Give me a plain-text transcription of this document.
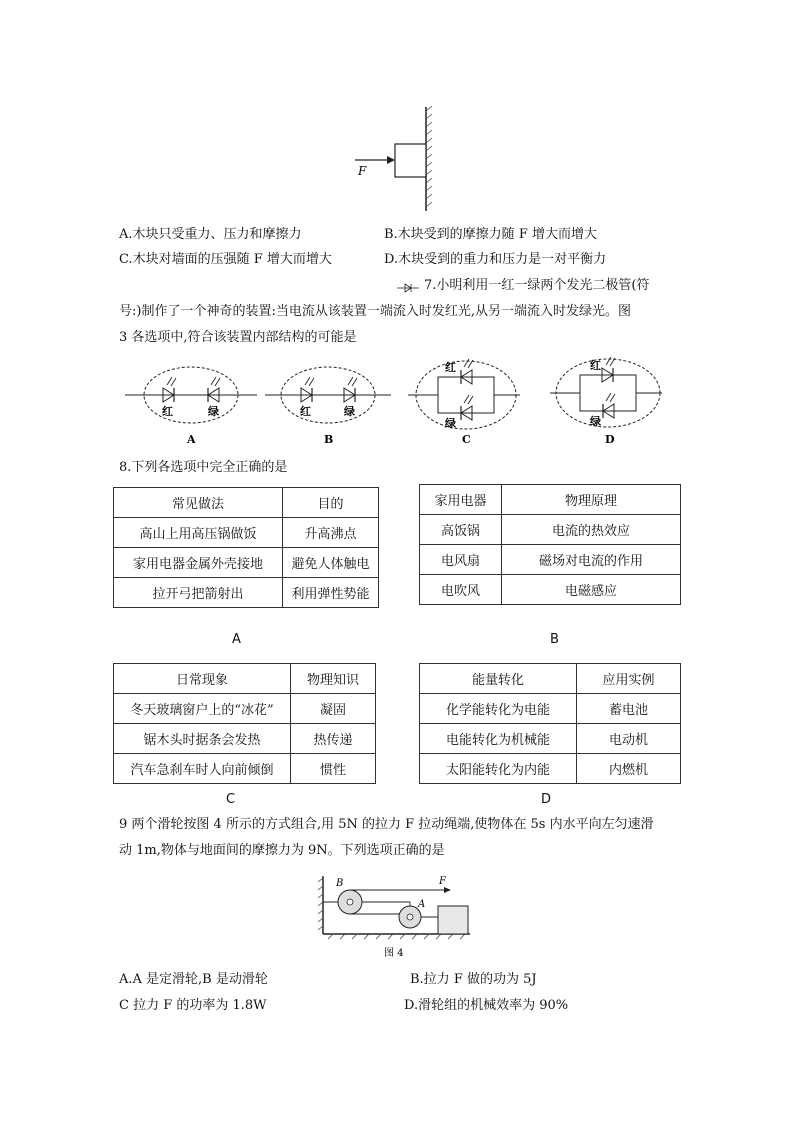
F
A.木块只受重力、压力和摩擦力	B.木块受到的摩擦力随 F 增大而增大
C.木块对墙面的压强随 F 增大而增大	D.木块受到的重力和压力是一对平衡力
7.小明利用一红一绿两个发光二极管(符
号:)制作了一个神奇的装置:当电流从该装置一端流入时发红光,从另一端流入时发绿光。图
3 各选项中,符合该装置内部结构的可能是
红	绿
A
红	绿
B
红
绿
C
红
绿
D
8.下列各选项中完全正确的是
常见做法	目的
高山上用高压锅做饭	升高沸点
家用电器金属外壳接地	避免人体触电
拉开弓把箭射出	利用弹性势能
A
家用电器	物理原理
高饭锅	电流的热效应
电风扇	磁场对电流的作用
电吹风	电磁感应
B
日常现象	物理知识
冬天玻璃窗户上的“冰花”	凝固
锯木头时据条会发热	热传递
汽车急刹车时人向前倾倒	惯性
C
能量转化	应用实例
化学能转化为电能	蓄电池
电能转化为机械能	电动机
太阳能转化为内能	内燃机
D
9 两个滑轮按图 4 所示的方式组合,用 5N 的拉力 F 拉动绳端,使物体在 5s 内水平向左匀速滑
动 1m,物体与地面间的摩擦力为 9N。下列选项正确的是
B
A
F
图 4
A.A 是定滑轮,B 是动滑轮	B.拉力 F 做的功为 5J
C 拉力 F 的功率为 1.8W	D.滑轮组的机械效率为 90%
